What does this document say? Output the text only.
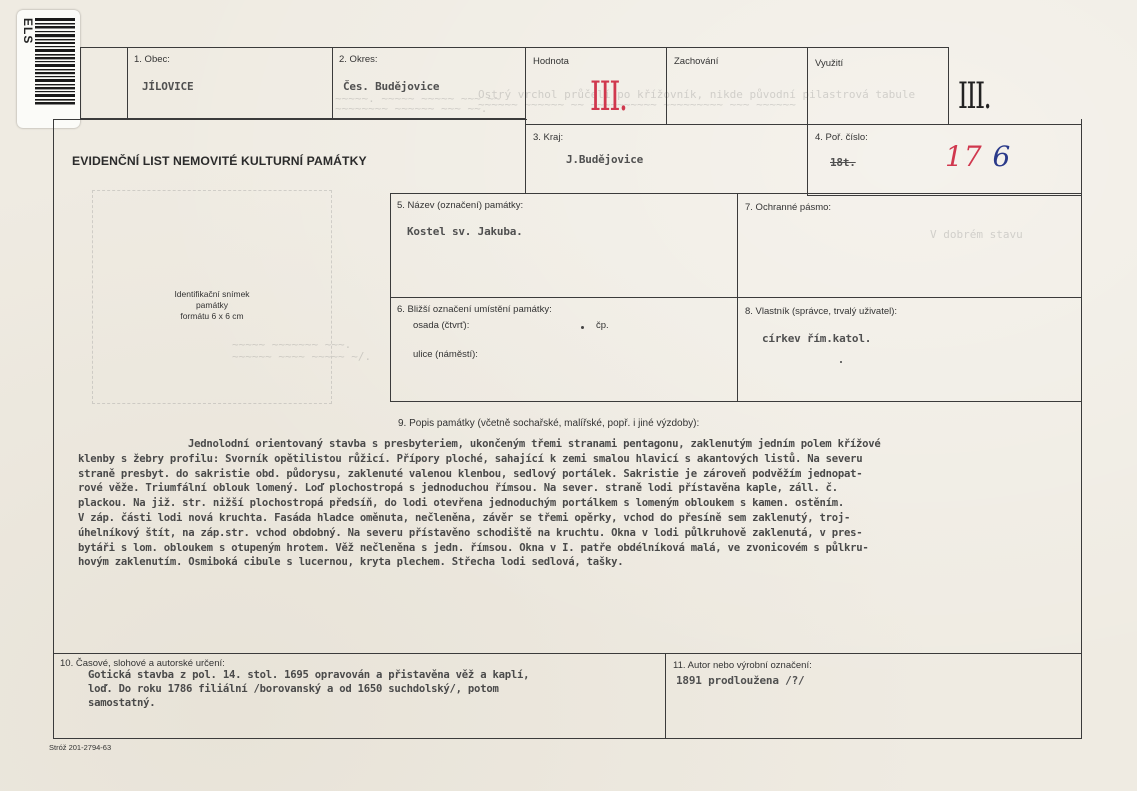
Ostrý vrchol průčelí po křížovník, nikde původní pilastrová tabule
~~~~~~ ~~~~~~ ~~ ~~~~~~~~~~ ~~~~~~~~~ ~~~ ~~~~~~
V dobrém stavu
~~~~~. ~~~~~ ~~~~~ ~~~ ~~
~~~~~~~~ ~~~~~~ ~~~ ~~.
~~~~~ ~~~~~~~ ~~~.
~~~~~~ ~~~~ ~~~~~ ~/.
ELS
1. Obec:
JÍLOVICE
2. Okres:
Čes. Budějovice
Hodnota
III.
Zachování	Využití
III.
EVIDENČNÍ LIST NEMOVITÉ KULTURNÍ PAMÁTKY
3. Kraj:
J.Budějovice
4. Poř. číslo:
18t.	17 6
Identifikační snímek
památky
formátu 6 x 6 cm
5. Název (označení) památky:
Kostel sv. Jakuba.
7. Ochranné pásmo:
6. Bližší označení umístění památky:
osada (čtvrť):	čp.
ulice (náměstí):
8. Vlastník (správce, trvalý uživatel):
církev řím.katol.
9. Popis památky (včetně sochařské, malířské, popř. i jiné výzdoby):
Jednolodní orientovaný stavba s presbyteriem, ukončeným třemi stranami pentagonu, zaklenutým jedním polem křížové
klenby s žebry profilu: Svorník opětilistou růžicí. Přípory ploché, sahající k zemi smalou hlavicí s akantových listů. Na severu
straně presbyt. do sakristie obd. půdorysu, zaklenuté valenou klenbou, sedlový portálek. Sakristie je zároveň podvěžím jednopat-
rové věže. Triumfální oblouk lomený. Loď plochostropá s jednoduchou římsou. Na sever. straně lodi přístavěna kaple, záll. č.
plackou. Na již. str. nižší plochostropá předsíň, do lodi otevřena jednoduchým portálkem s lomeným obloukem s kamen. ostěním.
V záp. části lodi nová kruchta. Fasáda hladce oměnuta, nečleněna, závěr se třemi opěrky, vchod do přesíně sem zaklenutý, troj-
úhelníkový štít, na záp.str. vchod obdobný. Na severu přístavěno schodiště na kruchtu. Okna v lodi půlkruhově zaklenutá, v pres-
bytáři s lom. obloukem s otupeným hrotem. Věž nečleněna s jedn. římsou. Okna v I. patře obdélníková malá, ve zvonicovém s půlkru-
hovým zaklenutím. Osmiboká cibule s lucernou, kryta plechem. Střecha lodi sedlová, tašky.
10. Časové, slohové a autorské určení:
Gotická stavba z pol. 14. stol. 1695 opravován a přistavěna věž a kaplí,
loď. Do roku 1786 filiální /borovanský a od 1650 suchdolský/, potom
samostatný.
11. Autor nebo výrobní označení:
1891 prodloužena /?/
Stróž 201-2794-63
